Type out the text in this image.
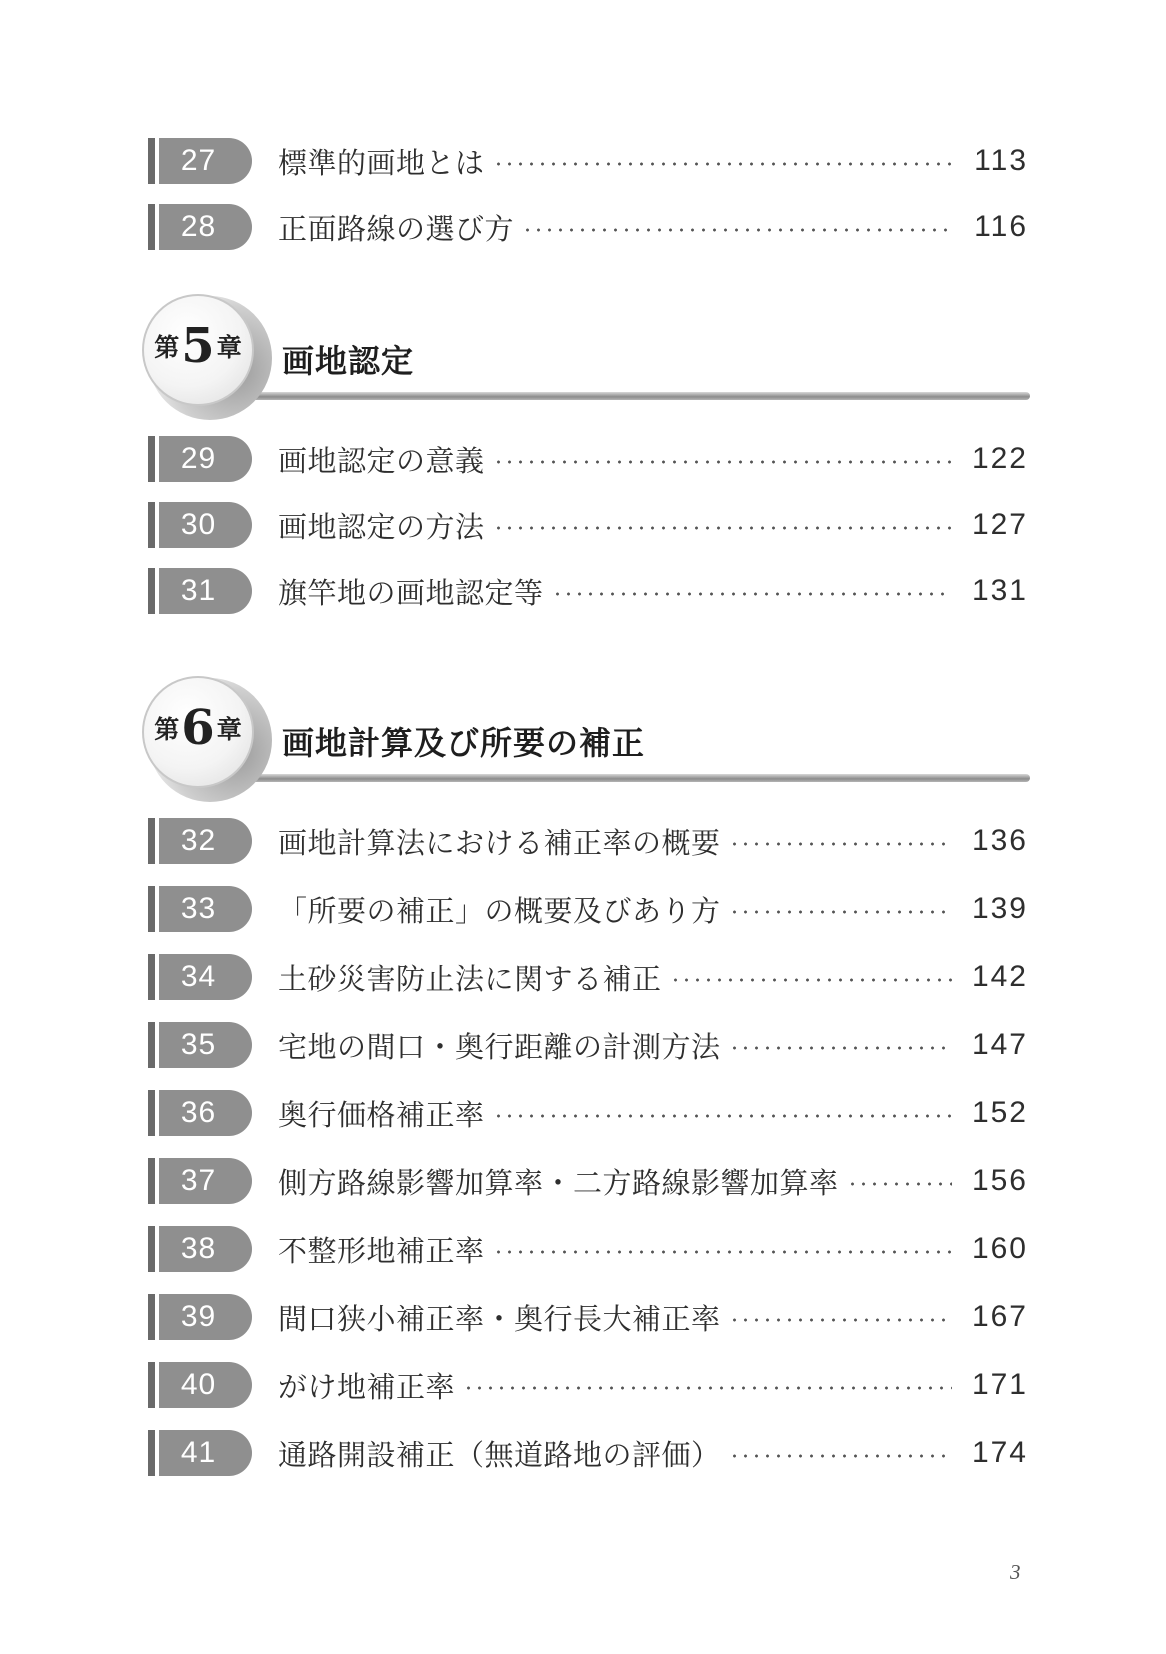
27	標準的画地とは	113
28	正面路線の選び方	116
第5章 画地認定
29	画地認定の意義	122
30	画地認定の方法	127
31	旗竿地の画地認定等	131
第6章 画地計算及び所要の補正
32	画地計算法における補正率の概要	136
33	「所要の補正」の概要及びあり方	139
34	土砂災害防止法に関する補正	142
35	宅地の間口・奥行距離の計測方法	147
36	奥行価格補正率	152
37	側方路線影響加算率・二方路線影響加算率	156
38	不整形地補正率	160
39	間口狭小補正率・奥行長大補正率	167
40	がけ地補正率	171
41	通路開設補正（無道路地の評価）	174
3
